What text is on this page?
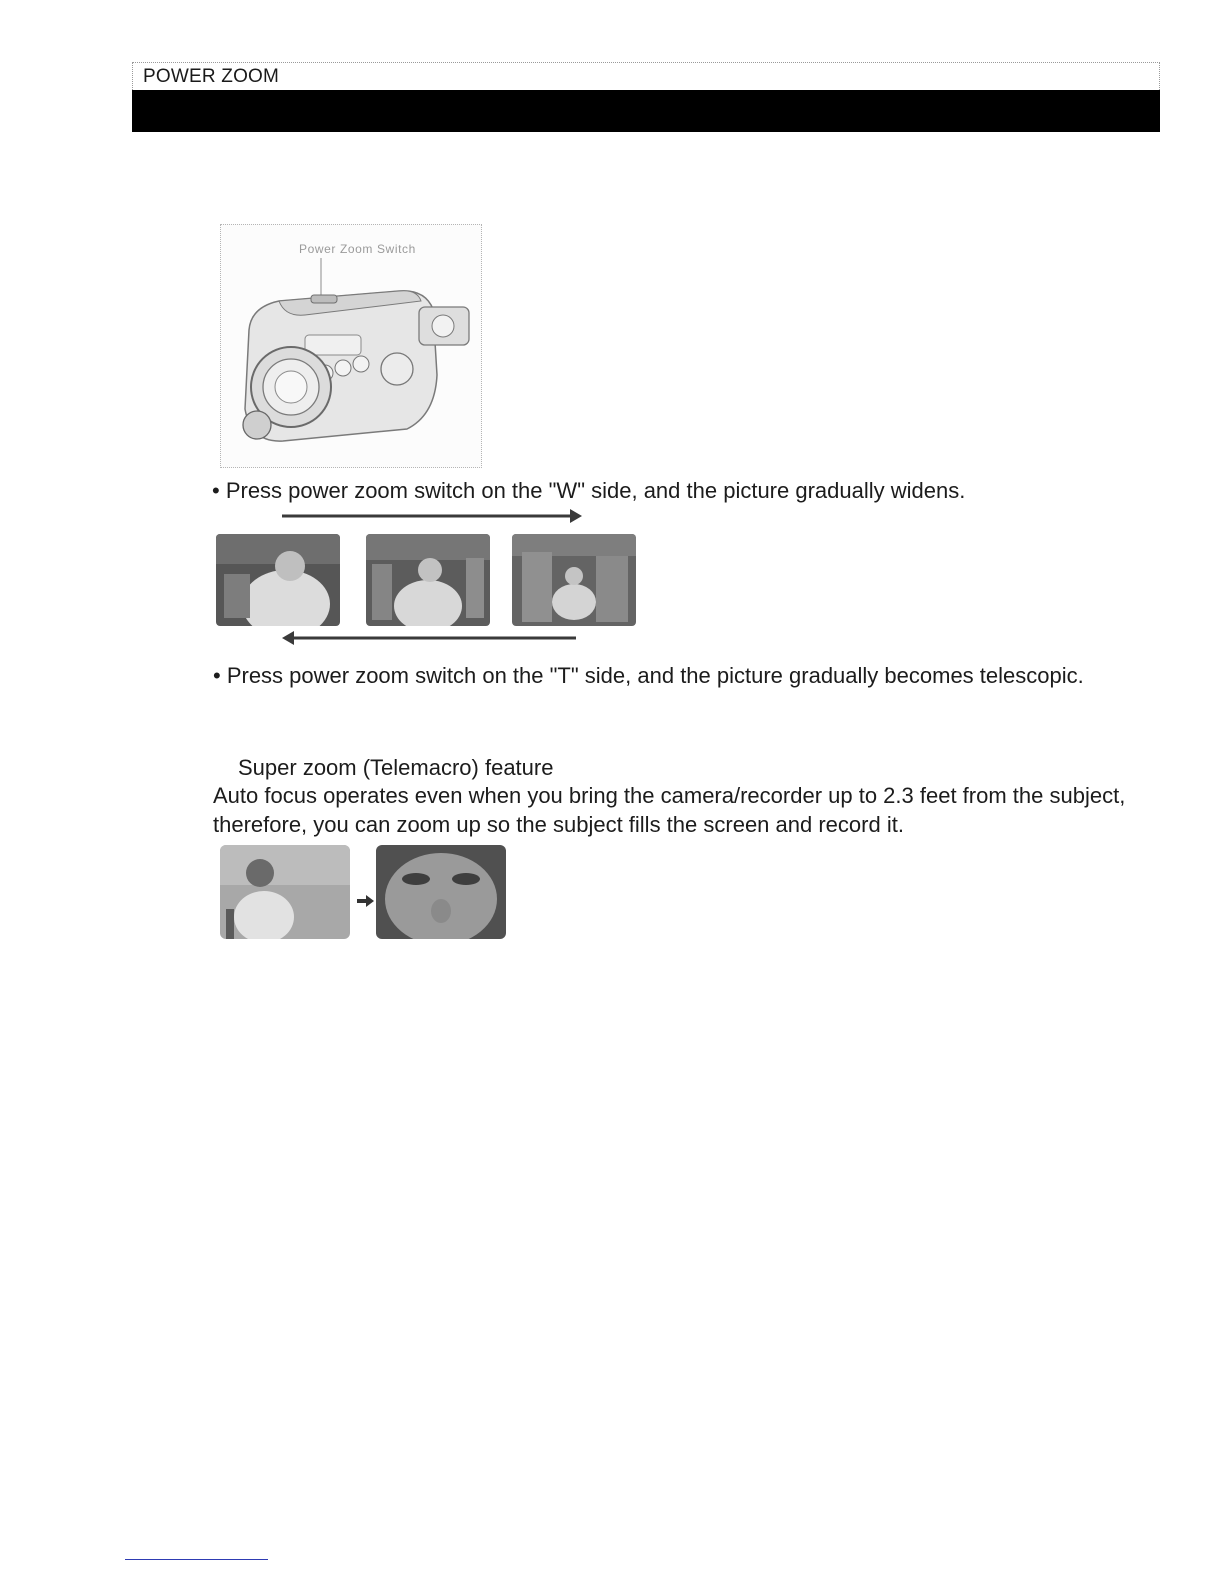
POWER ZOOM
Power Zoom Switch
• Press power zoom switch on the "W" side, and the picture gradually widens.
• Press power zoom switch on the "T" side, and the picture gradually becomes telescopic.
Super zoom (Telemacro) feature
Auto focus operates even when you bring the camera/recorder up to 2.3 feet from the subject, therefore, you can zoom up so the subject fills the screen and record it.
